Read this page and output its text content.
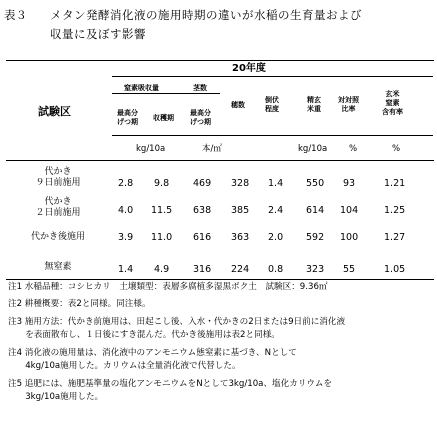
表３ メタン発酵消化液の施用時期の違いが水稲の生育量および
収量に及ぼす影響
20年度
試験区
窒素吸収量	茎数
最高分
げつ期 収穫期
最高分
げつ期
穂数
倒伏
程度
精玄
米重
対対照
比率
玄米
窒素
含有率
kg/10a	本/㎡	kg/10a	%	%
代かき
９日前施用	2.8 9.8	469 328 1.4 550 93	1.21
代かき
２日前施用	4.0 11.5 638 385 2.4 614 104	1.25
代かき後施用	3.9 11.0 616 363 2.0 592 100	1.27
無窒素	1.4 4.9	316 224 0.8 323 55	1.05
注1 水稲品種：コシヒカリ　土壌類型：表層多腐植多湿黒ボク土　試験区：9.36㎡
注2 耕種概要：表2と同様。同注様。
注3 施用方法：代かき前施用は、田起こし後、入水・代かきの2日または9日前に消化液
　　を表面散布し、１日後にすき混んだ。代かき後施用は表2と同様。
注4 消化液の施用量は、消化液中のアンモニウム態窒素に基づき、Nとして
　　4kg/10a施用した。カリウムは全量消化液で代替した。
注5 追肥には、施肥基準量の塩化アンモニウムをNとして3kg/10a、塩化カリウムを
　　3kg/10a施用した。
